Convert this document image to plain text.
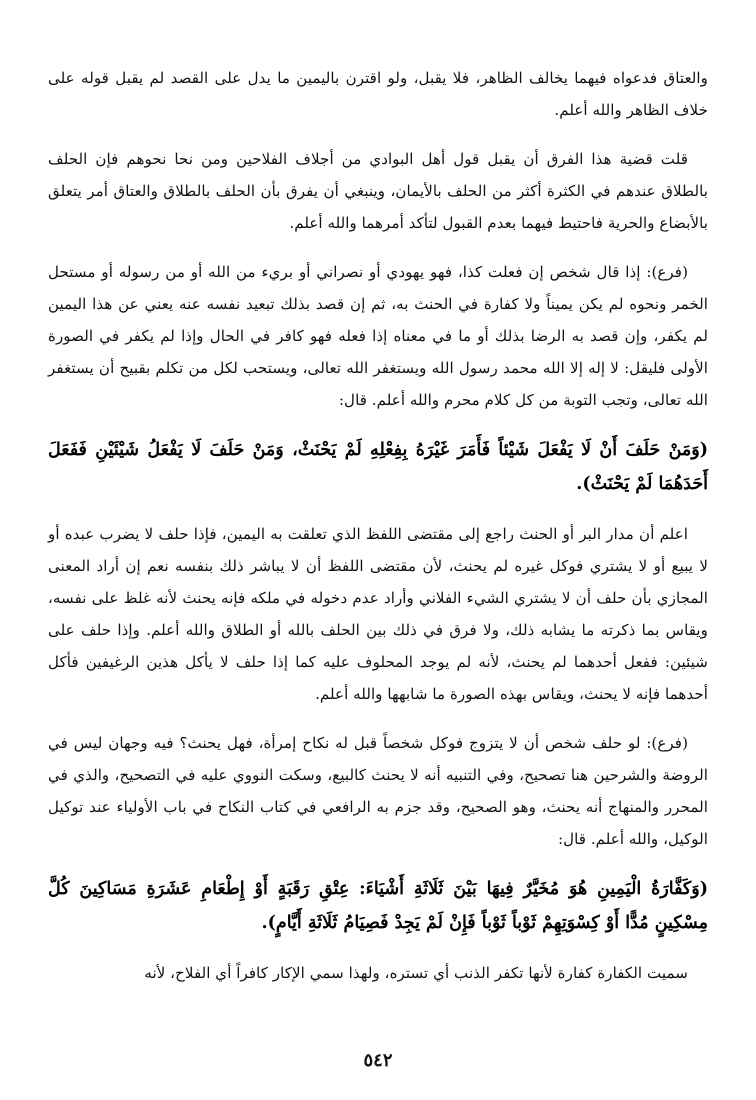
والعتاق فدعواه فيهما يخالف الظاهر، فلا يقبل، ولو اقترن باليمين ما يدل على القصد لم يقبل قوله على خلاف الظاهر والله أعلم.

قلت قضية هذا الفرق أن يقبل قول أهل البوادي من أجلاف الفلاحين ومن نحا نحوهم فإن الحلف بالطلاق عندهم في الكثرة أكثر من الحلف بالأيمان، وينبغي أن يفرق بأن الحلف بالطلاق والعتاق أمر يتعلق بالأبضاع والحرية فاحتيط فيهما بعدم القبول لتأكد أمرهما والله أعلم.

(فرع): إذا قال شخص إن فعلت كذا، فهو يهودي أو نصراني أو بريء من الله أو من رسوله أو مستحل الخمر ونحوه لم يكن يميناً ولا كفارة في الحنث به، ثم إن قصد بذلك تبعيد نفسه عنه يعني عن هذا اليمين لم يكفر، وإن قصد به الرضا بذلك أو ما في معناه إذا فعله فهو كافر في الحال وإذا لم يكفر في الصورة الأولى فليقل: لا إله إلا الله محمد رسول الله ويستغفر الله تعالى، ويستحب لكل من تكلم بقبيح أن يستغفر الله تعالى، وتجب التوبة من كل كلام محرم والله أعلم. قال:

(وَمَنْ حَلَفَ أَنْ لَا يَفْعَلَ شَيْئاً فَأَمَرَ غَيْرَهُ بِفِعْلِهِ لَمْ يَحْنَثْ، وَمَنْ حَلَفَ لَا يَفْعَلُ شَيْئَيْنِ فَفَعَلَ أَحَدَهُمَا لَمْ يَحْنَثْ).

اعلم أن مدار البر أو الحنث راجع إلى مقتضى اللفظ الذي تعلقت به اليمين، فإذا حلف لا يضرب عبده أو لا يبيع أو لا يشتري فوكل غيره لم يحنث، لأن مقتضى اللفظ أن لا يباشر ذلك بنفسه نعم إن أراد المعنى المجازي بأن حلف أن لا يشتري الشيء الفلاني وأراد عدم دخوله في ملكه فإنه يحنث لأنه غلظ على نفسه، ويقاس بما ذكرته ما يشابه ذلك، ولا فرق في ذلك بين الحلف بالله أو الطلاق والله أعلم. وإذا حلف على شيئين: ففعل أحدهما لم يحنث، لأنه لم يوجد المحلوف عليه كما إذا حلف لا يأكل هذين الرغيفين فأكل أحدهما فإنه لا يحنث، ويقاس بهذه الصورة ما شابهها والله أعلم.

(فرع): لو حلف شخص أن لا يتزوج فوكل شخصاً قبل له نكاح إمرأة، فهل يحنث؟ فيه وجهان ليس في الروضة والشرحين هنا تصحيح، وفي التنبيه أنه لا يحنث كالبيع، وسكت النووي عليه في التصحيح، والذي في المحرر والمنهاج أنه يحنث، وهو الصحيح، وقد جزم به الرافعي في كتاب النكاح في باب الأولياء عند توكيل الوكيل، والله أعلم. قال:

(وَكَفَّارَةُ الْيَمِينِ هُوَ مُخَيَّرٌ فِيهَا بَيْنَ ثَلَاثَةِ أَشْيَاءَ: عِتْقِ رَقَبَةٍ أَوْ إِطْعَامِ عَشَرَةِ مَسَاكِينَ كُلَّ مِسْكِينٍ مُدًّا أَوْ كِسْوَتِهِمْ ثَوْباً ثَوْباً فَإِنْ لَمْ يَجِدْ فَصِيَامُ ثَلَاثَةِ أَيَّامٍ).

سميت الكفارة كفارة لأنها تكفر الذنب أي تستره، ولهذا سمي الإكار كافراً أي الفلاح، لأنه

٥٤٢
